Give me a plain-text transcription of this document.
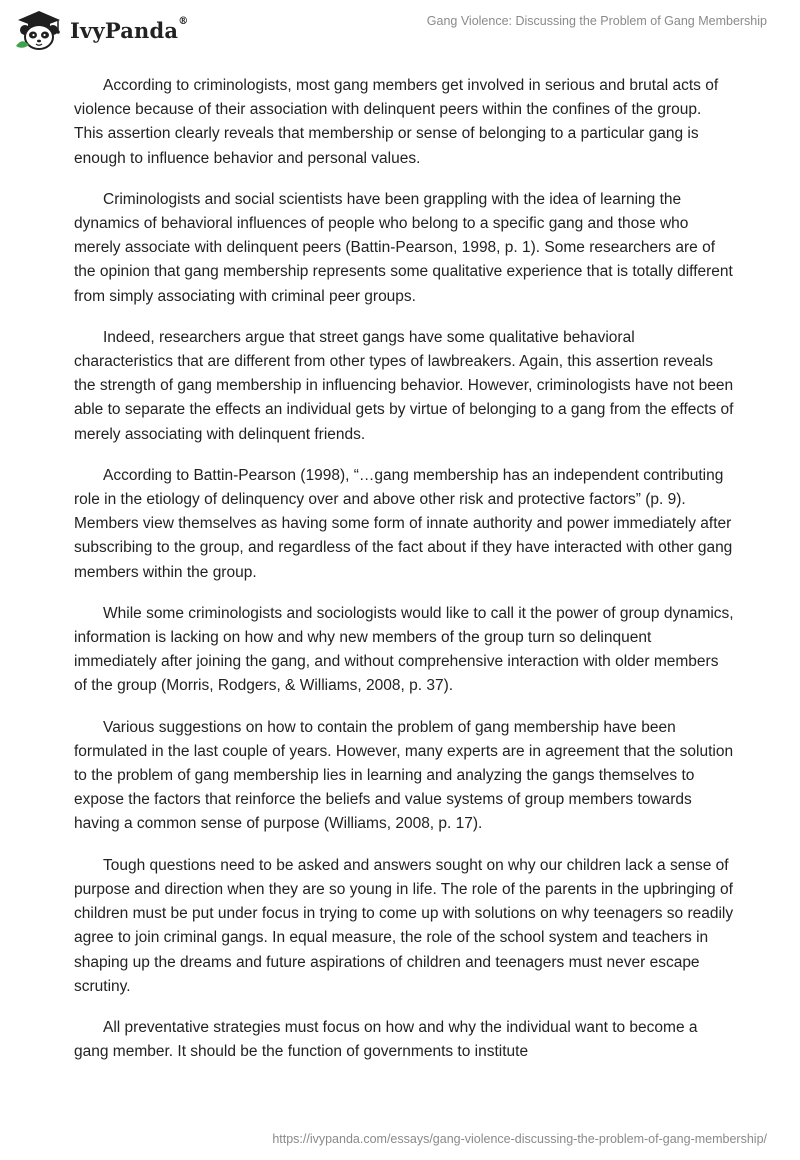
IvyPanda®	Gang Violence: Discussing the Problem of Gang Membership

According to criminologists, most gang members get involved in serious and brutal acts of violence because of their association with delinquent peers within the confines of the group. This assertion clearly reveals that membership or sense of belonging to a particular gang is enough to influence behavior and personal values.

Criminologists and social scientists have been grappling with the idea of learning the dynamics of behavioral influences of people who belong to a specific gang and those who merely associate with delinquent peers (Battin-Pearson, 1998, p. 1). Some researchers are of the opinion that gang membership represents some qualitative experience that is totally different from simply associating with criminal peer groups.

Indeed, researchers argue that street gangs have some qualitative behavioral characteristics that are different from other types of lawbreakers. Again, this assertion reveals the strength of gang membership in influencing behavior. However, criminologists have not been able to separate the effects an individual gets by virtue of belonging to a gang from the effects of merely associating with delinquent friends.

According to Battin-Pearson (1998), “…gang membership has an independent contributing role in the etiology of delinquency over and above other risk and protective factors” (p. 9). Members view themselves as having some form of innate authority and power immediately after subscribing to the group, and regardless of the fact about if they have interacted with other gang members within the group.

While some criminologists and sociologists would like to call it the power of group dynamics, information is lacking on how and why new members of the group turn so delinquent immediately after joining the gang, and without comprehensive interaction with older members of the group (Morris, Rodgers, & Williams, 2008, p. 37).

Various suggestions on how to contain the problem of gang membership have been formulated in the last couple of years. However, many experts are in agreement that the solution to the problem of gang membership lies in learning and analyzing the gangs themselves to expose the factors that reinforce the beliefs and value systems of group members towards having a common sense of purpose (Williams, 2008, p. 17).

Tough questions need to be asked and answers sought on why our children lack a sense of purpose and direction when they are so young in life. The role of the parents in the upbringing of children must be put under focus in trying to come up with solutions on why teenagers so readily agree to join criminal gangs. In equal measure, the role of the school system and teachers in shaping up the dreams and future aspirations of children and teenagers must never escape scrutiny.

All preventative strategies must focus on how and why the individual want to become a gang member. It should be the function of governments to institute

https://ivypanda.com/essays/gang-violence-discussing-the-problem-of-gang-membership/
